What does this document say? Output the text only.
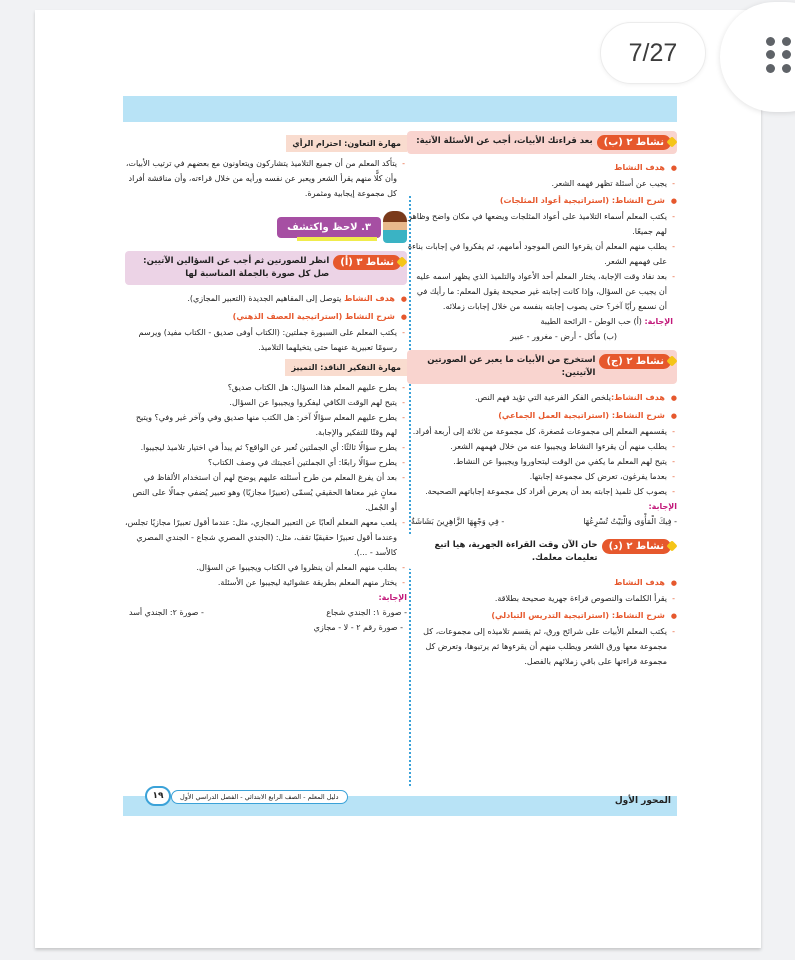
نشاط ٢ (ب)
بعد قراءتك الأبيات، أجب عن الأسئلة الآتية:
● هدف النشاط
- يجيب عن أسئلة تظهر فهمه الشعر.
● شرح النشاط: (استراتيجية أعواد المثلجات)
- يكتب المعلم أسماء التلاميذ على أعواد المثلجات ويضعها في مكان واضح وظاهر لهم جميعًا.
- يطلب منهم المعلم أن يقرءوا النص الموجود أمامهم، ثم يفكروا في إجابات بناءة على فهمهم الشعر.
- بعد نفاد وقت الإجابة، يختار المعلم أحد الأعواد والتلميذ الذي يظهر اسمه عليه أن يجيب عن السؤال، وإذا كانت إجابته غير صحيحة يقول المعلم: ما رأيك في أن نسمع رأيًا آخر؟ حتى يصوب إجابته بنفسه من خلال إجابات زملائه.
الإجابة: (أ) حب الوطن - الرائحة الطيبة
(ب) مأكل - أرض - مغرور - عبير
نشاط ٢ (ج)
استخرج من الأبيات ما يعبر عن الصورتين الآتيتين:
● هدف النشاط:يلخص الفكر الفرعية التي تؤيد فهم النص.
● شرح النشاط: (استراتيجية العمل الجماعي)
- يقسمهم المعلم إلى مجموعات مُصغرة، كل مجموعة من ثلاثة إلى أربعة أفراد.
- يطلب منهم أن يقرءوا النشاط ويجيبوا عنه من خلال فهمهم الشعر.
- يتيح لهم المعلم ما يكفي من الوقت ليتحاوروا ويجيبوا عن النشاط.
- بعدما يفرغون، تعرض كل مجموعة إجابتها.
- يصوب كل تلميذ إجابته بعد أن يعرض أفراد كل مجموعة إجاباتهم الصحيحة.
الإجابة:
- فِيكَ الْمَأْوَى وَالْبَيْتُ تُسْرِعُهَا
- فِي وَجْهِهَا الزَّاهِرِينَ بَشَاشَةٌ
نشاط ٢ (د)
حان الآن وقت القراءة الجهرية، هيا اتبع تعليمات معلمك.
● هدف النشاط
- يقرأ الكلمات والنصوص قراءة جهرية صحيحة بطلاقة.
● شرح النشاط: (استراتيجية التدريس التبادلي)
- يكتب المعلم الأبيات على شرائح ورق، ثم يقسم تلاميذه إلى مجموعات، كل مجموعة معها ورق الشعر ويطلب منهم أن يقرءوها ثم يرتبوها، وتعرض كل مجموعة قراءتها على باقي زملائهم بالفصل.
مهارة التعاون: احترام الرأي
- يتأكد المعلم من أن جميع التلاميذ يتشاركون ويتعاونون مع بعضهم في ترتيب الأبيات، وأن كلًّا منهم يقرأ الشعر ويعبر عن نفسه ورأيه من خلال قراءته، وأن مناقشة أفراد كل مجموعة إيجابية ومثمرة.
٣. لاحظ واكتشف
نشاط ٣ (أ)
انظر للصورتين ثم أجب عن السؤالين الآتيين: صل كل صورة بالجملة المناسبة لها
● هدف النشاط يتوصل إلى المفاهيم الجديدة (التعبير المجازي).
● شرح النشاط (استراتيجية العصف الذهني)
- يكتب المعلم على السبورة جملتين: (الكتاب أوفى صديق - الكتاب مفيد) ويرسم رسومًا تعبيرية عنهما حتى يتخيلهما التلاميذ.
مهارة التفكير الناقد: التمييز
- يطرح عليهم المعلم هذا السؤال: هل الكتاب صديق؟
- يتيح لهم الوقت الكافي ليفكروا ويجيبوا عن السؤال.
- يطرح عليهم المعلم سؤالًا آخر: هل الكتب منها صديق وفي وآخر غير وفي؟ ويتيح لهم وقتًا للتفكير والإجابة.
- يطرح سؤالًا ثالثًا: أي الجملتين تُعبر عن الواقع؟ ثم يبدأ في اختيار تلاميذ ليجيبوا.
- يطرح سؤالًا رابعًا: أي الجملتين أعجبتك في وصف الكتاب؟
- بعد أن يفرغ المعلم من طرح أسئلته عليهم يوضح لهم أن استخدام الألفاظ في معانٍ غير معناها الحقيقي يُسمّى (تعبيرًا مجازيًا) وهو تعبير يُضفي جمالًا على النص أو الجُمل.
- يلعب معهم المعلم ألعابًا عن التعبير المجازي، مثل: عندما أقول تعبيرًا مجازيًا تجلس، وعندما أقول تعبيرًا حقيقيًا تقف، مثل: (الجندي المصري شجاع - الجندي المصري كالأسد - ...).
- يطلب منهم المعلم أن ينظروا في الكتاب ويجيبوا عن السؤال.
- يختار منهم المعلم بطريقة عشوائية ليجيبوا عن الأسئلة.
الإجابة:
- صورة ١: الجندي شجاع
- صورة ٢: الجندي أسد
- صورة رقم ٢ - لا - مجازي
المحور الأول
دليل المعلم - الصف الرابع الابتدائي - الفصل الدراسي الأول
١٩
7/27
